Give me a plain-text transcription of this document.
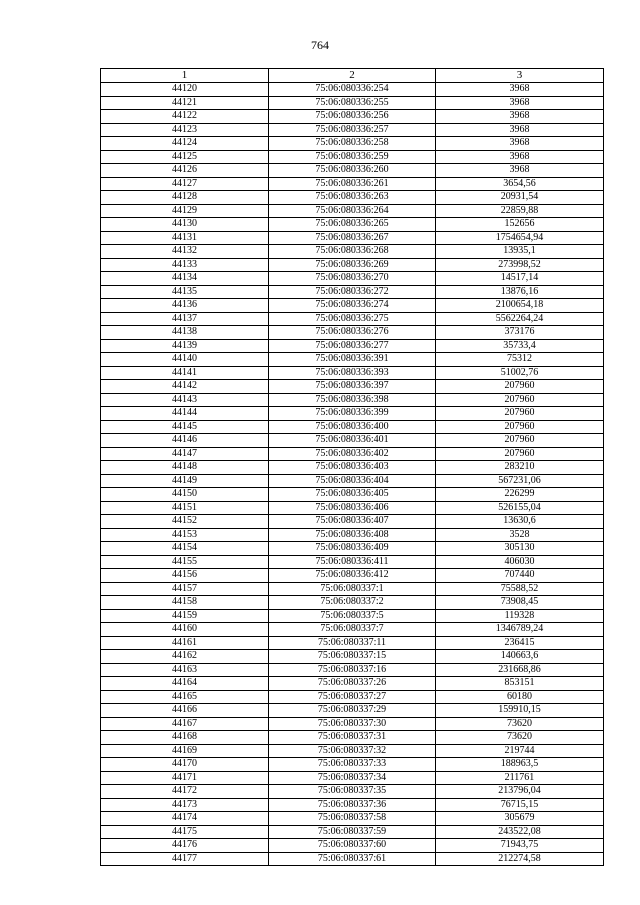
764
1	2	3
44120	75:06:080336:254	3968
44121	75:06:080336:255	3968
44122	75:06:080336:256	3968
44123	75:06:080336:257	3968
44124	75:06:080336:258	3968
44125	75:06:080336:259	3968
44126	75:06:080336:260	3968
44127	75:06:080336:261	3654,56
44128	75:06:080336:263	20931,54
44129	75:06:080336:264	22859,88
44130	75:06:080336:265	152656
44131	75:06:080336:267	1754654,94
44132	75:06:080336:268	13935,1
44133	75:06:080336:269	273998,52
44134	75:06:080336:270	14517,14
44135	75:06:080336:272	13876,16
44136	75:06:080336:274	2100654,18
44137	75:06:080336:275	5562264,24
44138	75:06:080336:276	373176
44139	75:06:080336:277	35733,4
44140	75:06:080336:391	75312
44141	75:06:080336:393	51002,76
44142	75:06:080336:397	207960
44143	75:06:080336:398	207960
44144	75:06:080336:399	207960
44145	75:06:080336:400	207960
44146	75:06:080336:401	207960
44147	75:06:080336:402	207960
44148	75:06:080336:403	283210
44149	75:06:080336:404	567231,06
44150	75:06:080336:405	226299
44151	75:06:080336:406	526155,04
44152	75:06:080336:407	13630,6
44153	75:06:080336:408	3528
44154	75:06:080336:409	305130
44155	75:06:080336:411	406030
44156	75:06:080336:412	707440
44157	75:06:080337:1	75588,52
44158	75:06:080337:2	73908,45
44159	75:06:080337:5	119328
44160	75:06:080337:7	1346789,24
44161	75:06:080337:11	236415
44162	75:06:080337:15	140663,6
44163	75:06:080337:16	231668,86
44164	75:06:080337:26	853151
44165	75:06:080337:27	60180
44166	75:06:080337:29	159910,15
44167	75:06:080337:30	73620
44168	75:06:080337:31	73620
44169	75:06:080337:32	219744
44170	75:06:080337:33	188963,5
44171	75:06:080337:34	211761
44172	75:06:080337:35	213796,04
44173	75:06:080337:36	76715,15
44174	75:06:080337:58	305679
44175	75:06:080337:59	243522,08
44176	75:06:080337:60	71943,75
44177	75:06:080337:61	212274,58
